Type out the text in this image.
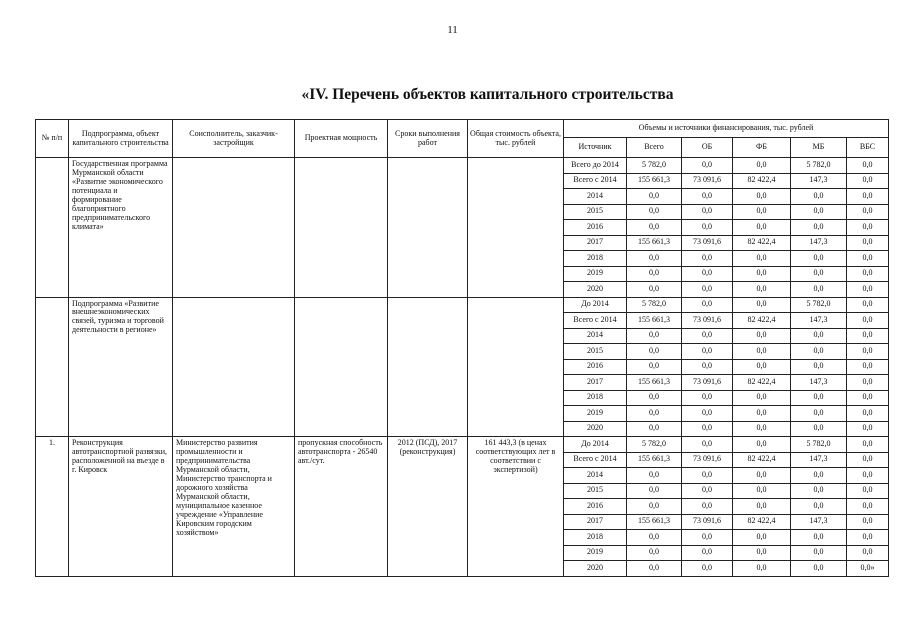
11
«IV. Перечень объектов капитального строительства
№ п/п	Подпрограмма, объект капитального строительства	Соисполнитель, заказчик-застройщик	Проектная мощность	Сроки выполнения работ	Общая стоимость объекта, тыс. рублей	Объемы и источники финансирования, тыс. рублей					
						Источник	Всего	ОБ	ФБ	МБ	ВБС
	Государственная программа Мурманской области «Развитие экономического потенциала и формирование благоприятного предпринимательского климата»					Всего до 2014	5 782,0	0,0	0,0	5 782,0	0,0
						Всего с 2014	155 661,3	73 091,6	82 422,4	147,3	0,0
						2014	0,0	0,0	0,0	0,0	0,0
						2015	0,0	0,0	0,0	0,0	0,0
						2016	0,0	0,0	0,0	0,0	0,0
						2017	155 661,3	73 091,6	82 422,4	147,3	0,0
						2018	0,0	0,0	0,0	0,0	0,0
						2019	0,0	0,0	0,0	0,0	0,0
						2020	0,0	0,0	0,0	0,0	0,0
	Подпрограмма «Развитие внешнеэкономических связей, туризма и торговой деятельности в регионе»					До 2014	5 782,0	0,0	0,0	5 782,0	0,0
						Всего с 2014	155 661,3	73 091,6	82 422,4	147,3	0,0
						2014	0,0	0,0	0,0	0,0	0,0
						2015	0,0	0,0	0,0	0,0	0,0
						2016	0,0	0,0	0,0	0,0	0,0
						2017	155 661,3	73 091,6	82 422,4	147,3	0,0
						2018	0,0	0,0	0,0	0,0	0,0
						2019	0,0	0,0	0,0	0,0	0,0
						2020	0,0	0,0	0,0	0,0	0,0
1.	Реконструкция автотранспортной развязки, расположенной на въезде в г. Кировск	Министерство развития промышленности и предпринимательства Мурманской области, Министерство транспорта и дорожного хозяйства Мурманской области, муниципальное казенное учреждение «Управление Кировским городским хозяйством»	пропускная способность автотранспорта - 26540 авт./сут.	2012 (ПСД), 2017 (реконструкция)	161 443,3 (в ценах соответствующих лет в соответствии с экспертизой)	До 2014	5 782,0	0,0	0,0	5 782,0	0,0
						Всего с 2014	155 661,3	73 091,6	82 422,4	147,3	0,0
						2014	0,0	0,0	0,0	0,0	0,0
						2015	0,0	0,0	0,0	0,0	0,0
						2016	0,0	0,0	0,0	0,0	0,0
						2017	155 661,3	73 091,6	82 422,4	147,3	0,0
						2018	0,0	0,0	0,0	0,0	0,0
						2019	0,0	0,0	0,0	0,0	0,0
						2020	0,0	0,0	0,0	0,0	0,0»
